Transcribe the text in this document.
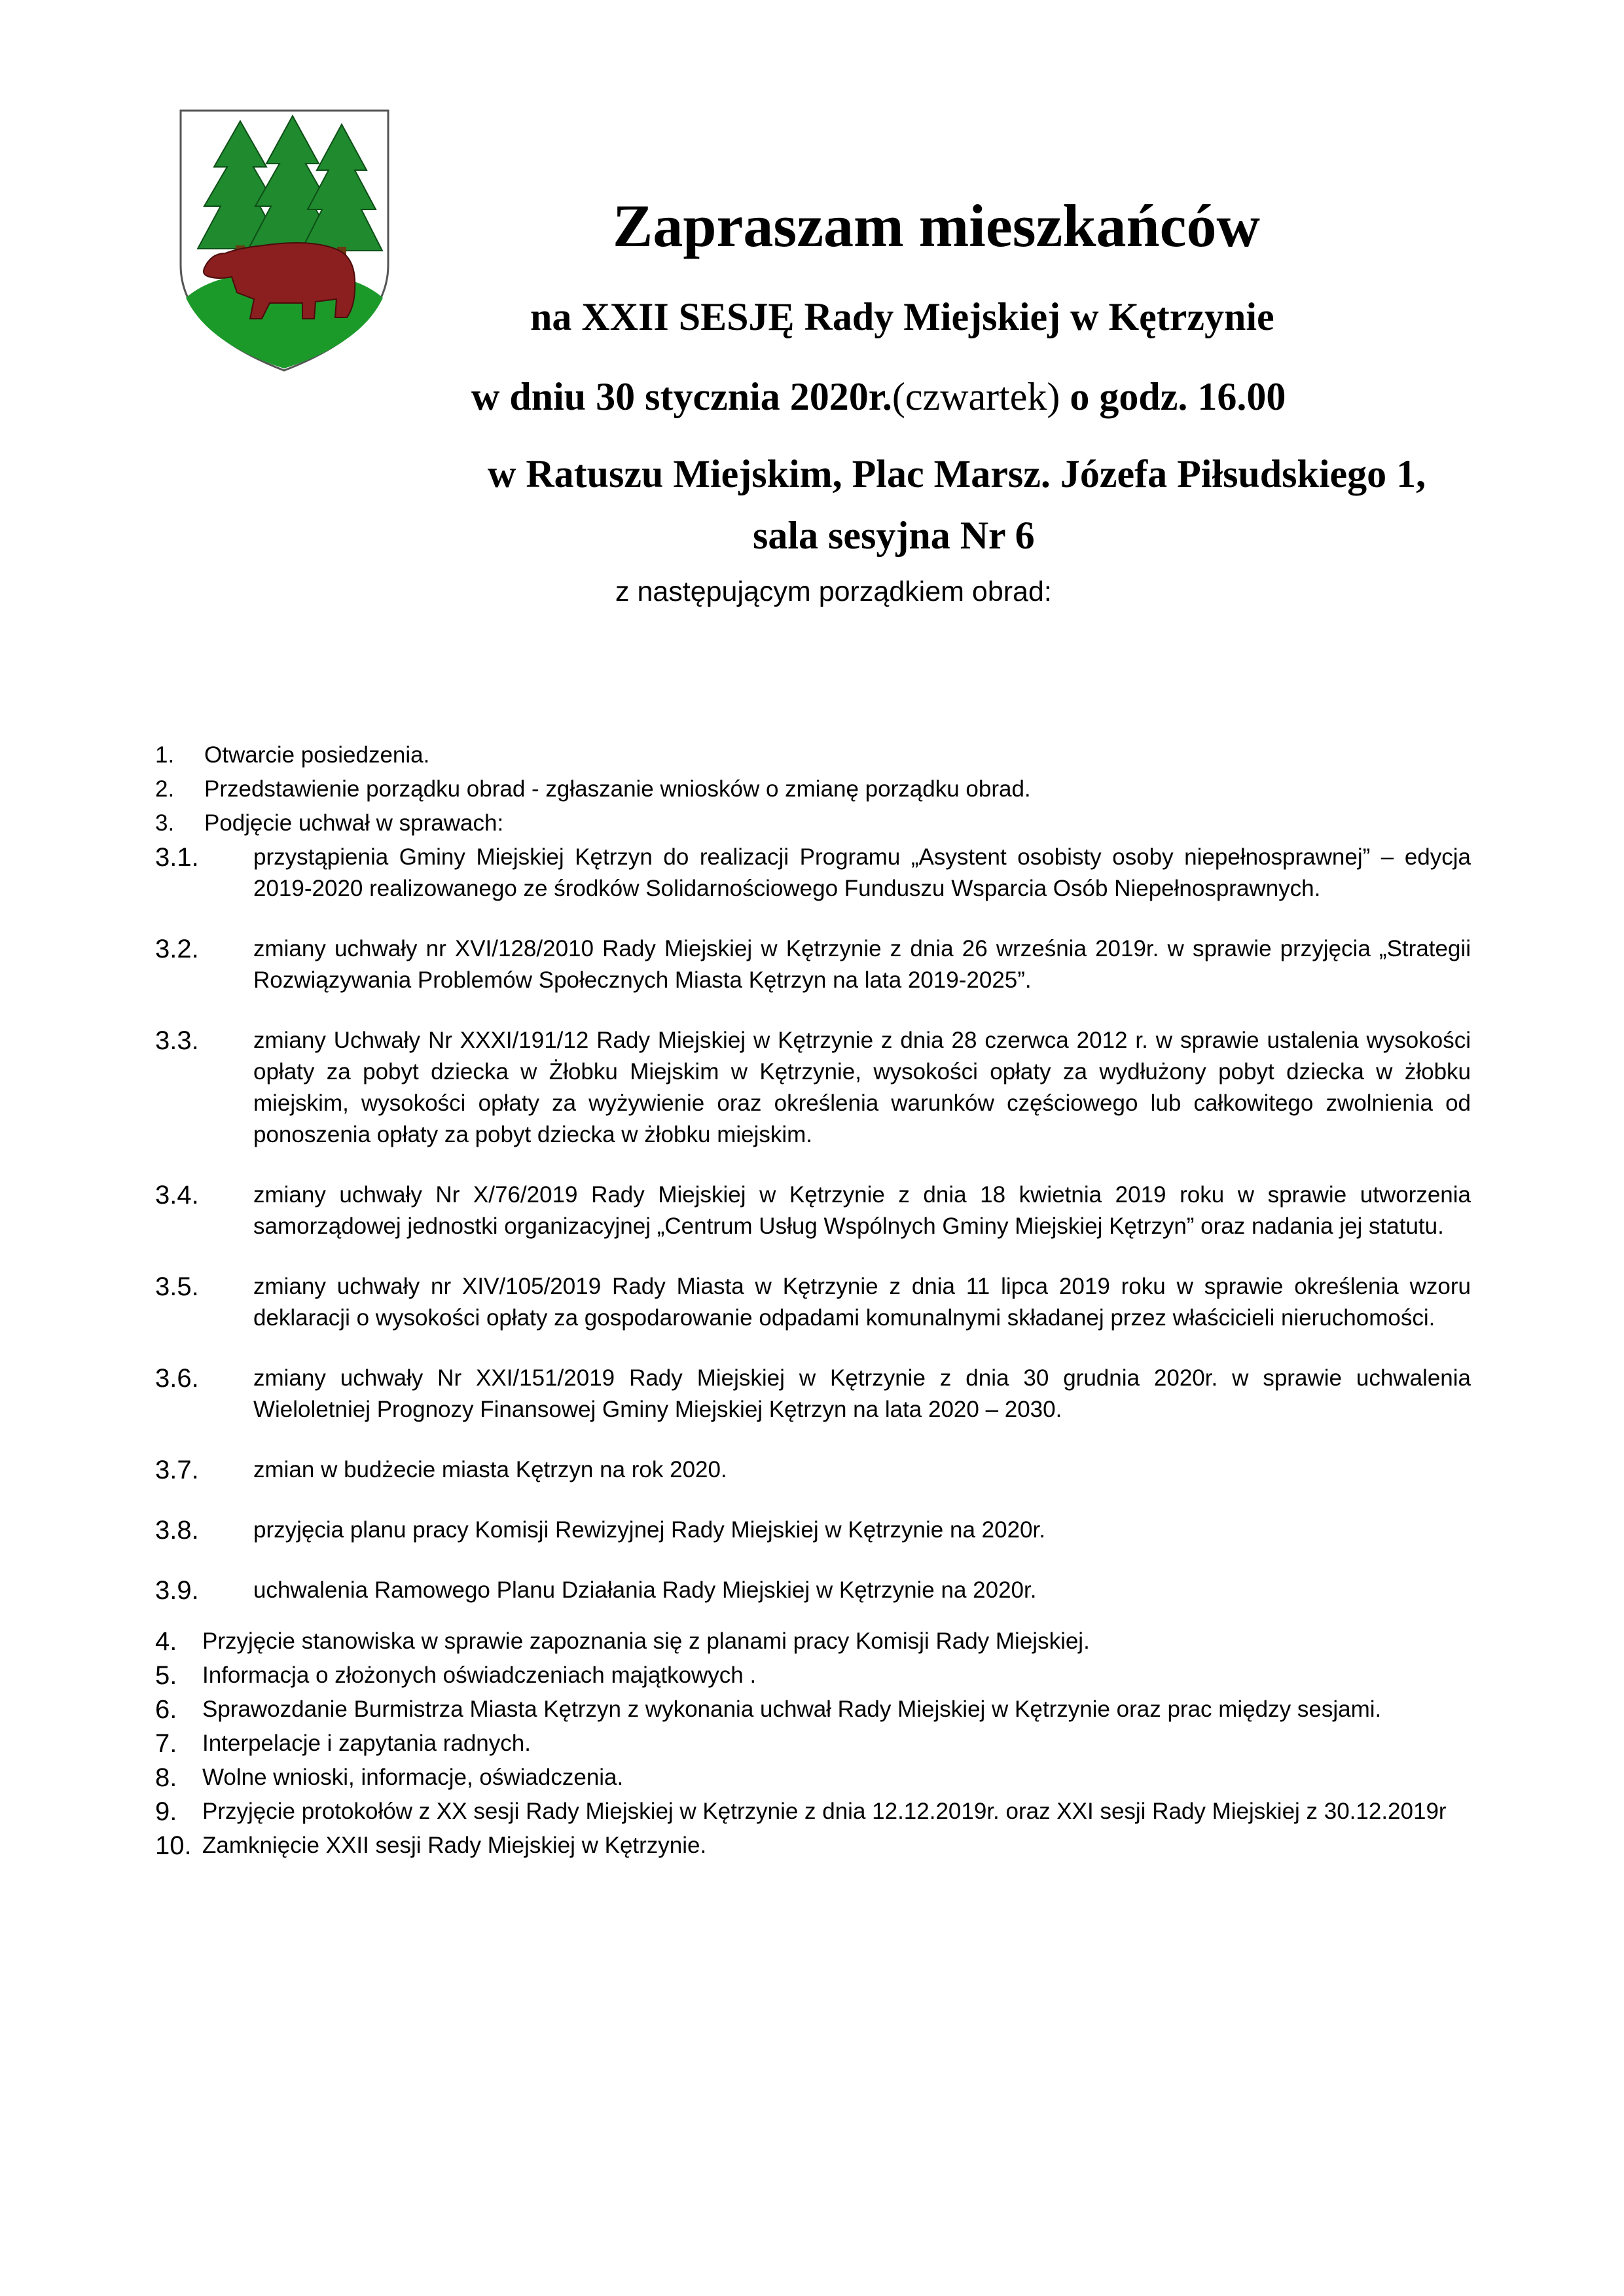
Zapraszam mieszkańców
na XXII SESJĘ Rady Miejskiej w Kętrzynie
w dniu 30 stycznia 2020r.(czwartek) o godz. 16.00
w Ratuszu Miejskim, Plac Marsz. Józefa Piłsudskiego 1,
sala sesyjna Nr 6
z następującym porządkiem obrad:
1.	Otwarcie posiedzenia.
2.	Przedstawienie porządku obrad - zgłaszanie wniosków o zmianę porządku obrad.
3.	Podjęcie uchwał w sprawach:
3.1.	przystąpienia Gminy Miejskiej Kętrzyn do realizacji Programu „Asystent osobisty osoby niepełnosprawnej” – edycja 2019-2020 realizowanego ze środków Solidarnościowego Funduszu Wsparcia Osób Niepełnosprawnych.
3.2.	zmiany uchwały nr XVI/128/2010 Rady Miejskiej w Kętrzynie z dnia 26 września 2019r. w sprawie przyjęcia „Strategii Rozwiązywania Problemów Społecznych Miasta Kętrzyn na lata 2019-2025”.
3.3.	zmiany Uchwały Nr XXXI/191/12 Rady Miejskiej w Kętrzynie z dnia 28 czerwca 2012 r. w sprawie ustalenia wysokości opłaty za pobyt dziecka w Żłobku Miejskim w Kętrzynie, wysokości opłaty za wydłużony pobyt dziecka w żłobku miejskim, wysokości opłaty za wyżywienie oraz określenia warunków częściowego lub całkowitego zwolnienia od ponoszenia opłaty za pobyt dziecka w żłobku miejskim.
3.4.	zmiany uchwały Nr X/76/2019 Rady Miejskiej w Kętrzynie z dnia 18 kwietnia 2019 roku w sprawie utworzenia samorządowej jednostki organizacyjnej „Centrum Usług Wspólnych Gminy Miejskiej Kętrzyn” oraz nadania jej statutu.
3.5.	zmiany uchwały nr XIV/105/2019 Rady Miasta w Kętrzynie z dnia 11 lipca 2019 roku w sprawie określenia wzoru deklaracji o wysokości opłaty za gospodarowanie odpadami komunalnymi składanej przez właścicieli nieruchomości.
3.6.	zmiany uchwały Nr XXI/151/2019 Rady Miejskiej w Kętrzynie z dnia 30 grudnia 2020r. w sprawie uchwalenia Wieloletniej Prognozy Finansowej Gminy Miejskiej Kętrzyn na lata 2020 – 2030.
3.7.	zmian w budżecie miasta Kętrzyn na rok 2020.
3.8.	przyjęcia planu pracy Komisji Rewizyjnej Rady Miejskiej w Kętrzynie na 2020r.
3.9.	uchwalenia Ramowego Planu Działania Rady Miejskiej w Kętrzynie na 2020r.
4.	Przyjęcie stanowiska w sprawie zapoznania się z planami pracy Komisji Rady Miejskiej.
5.	Informacja o złożonych oświadczeniach majątkowych .
6.	Sprawozdanie Burmistrza Miasta Kętrzyn z wykonania uchwał Rady Miejskiej w Kętrzynie oraz prac między sesjami.
7.	Interpelacje i zapytania radnych.
8.	Wolne wnioski, informacje, oświadczenia.
9.	Przyjęcie protokołów z XX sesji Rady Miejskiej w Kętrzynie z dnia 12.12.2019r. oraz XXI sesji Rady Miejskiej z 30.12.2019r
10. Zamknięcie XXII sesji Rady Miejskiej w Kętrzynie.
